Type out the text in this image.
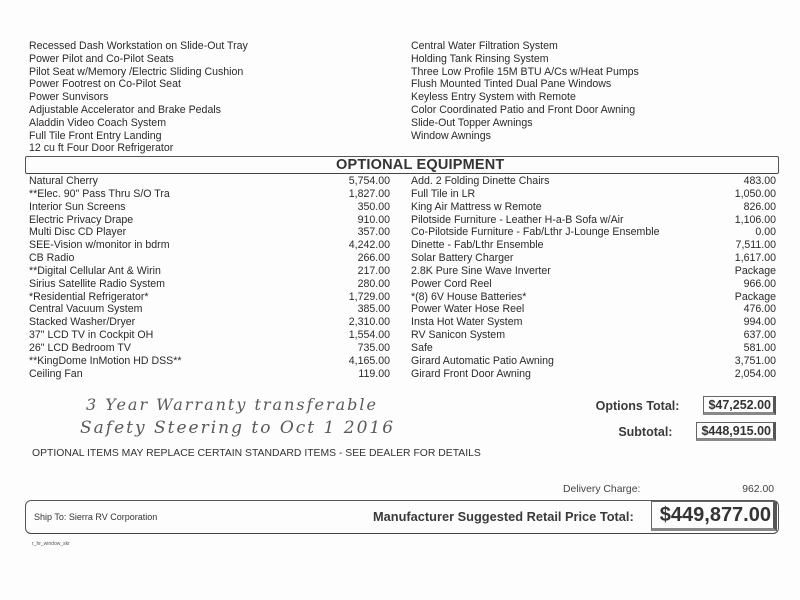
Recessed Dash Workstation on Slide-Out Tray
Power Pilot and Co-Pilot Seats
Pilot Seat w/Memory /Electric Sliding Cushion
Power Footrest on Co-Pilot Seat
Power Sunvisors
Adjustable Accelerator and Brake Pedals
Aladdin Video Coach System
Full Tile Front Entry Landing
12 cu ft Four Door Refrigerator
Central Water Filtration System
Holding Tank Rinsing System
Three Low Profile 15M BTU A/Cs w/Heat Pumps
Flush Mounted Tinted Dual Pane Windows
Keyless Entry System with Remote
Color Coordinated Patio and Front Door Awning
Slide-Out Topper Awnings
Window Awnings
OPTIONAL EQUIPMENT
Natural Cherry	5,754.00
**Elec. 90" Pass Thru S/O Tra	1,827.00
Interior Sun Screens	350.00
Electric Privacy Drape	910.00
Multi Disc CD Player	357.00
SEE-Vision w/monitor in bdrm	4,242.00
CB Radio	266.00
**Digital Cellular Ant & Wirin	217.00
Sirius Satellite Radio System	280.00
*Residential Refrigerator*	1,729.00
Central Vacuum System	385.00
Stacked Washer/Dryer	2,310.00
37" LCD TV in Cockpit OH	1,554.00
26" LCD Bedroom TV	735.00
**KingDome InMotion HD DSS**	4,165.00
Ceiling Fan	119.00
Add. 2 Folding Dinette Chairs	483.00
Full Tile in LR	1,050.00
King Air Mattress w Remote	826.00
Pilotside Furniture - Leather H-a-B Sofa w/Air	1,106.00
Co-Pilotside Furniture - Fab/Lthr J-Lounge Ensemble	0.00
Dinette - Fab/Lthr Ensemble	7,511.00
Solar Battery Charger	1,617.00
2.8K Pure Sine Wave Inverter	Package
Power Cord Reel	966.00
*(8) 6V House Batteries*	Package
Power Water Hose Reel	476.00
Insta Hot Water System	994.00
RV Sanicon System	637.00
Safe	581.00
Girard Automatic Patio Awning	3,751.00
Girard Front Door Awning	2,054.00
Options Total:	$47,252.00
Subtotal:	$448,915.00
3 Year Warranty transferable
Safety Steering to Oct 1 2016
OPTIONAL ITEMS MAY REPLACE CERTAIN STANDARD ITEMS - SEE DEALER FOR DETAILS
Delivery Charge:	962.00
Ship To: Sierra RV Corporation	Manufacturer Suggested Retail Price Total:	$449,877.00
r_hr_window_skr
